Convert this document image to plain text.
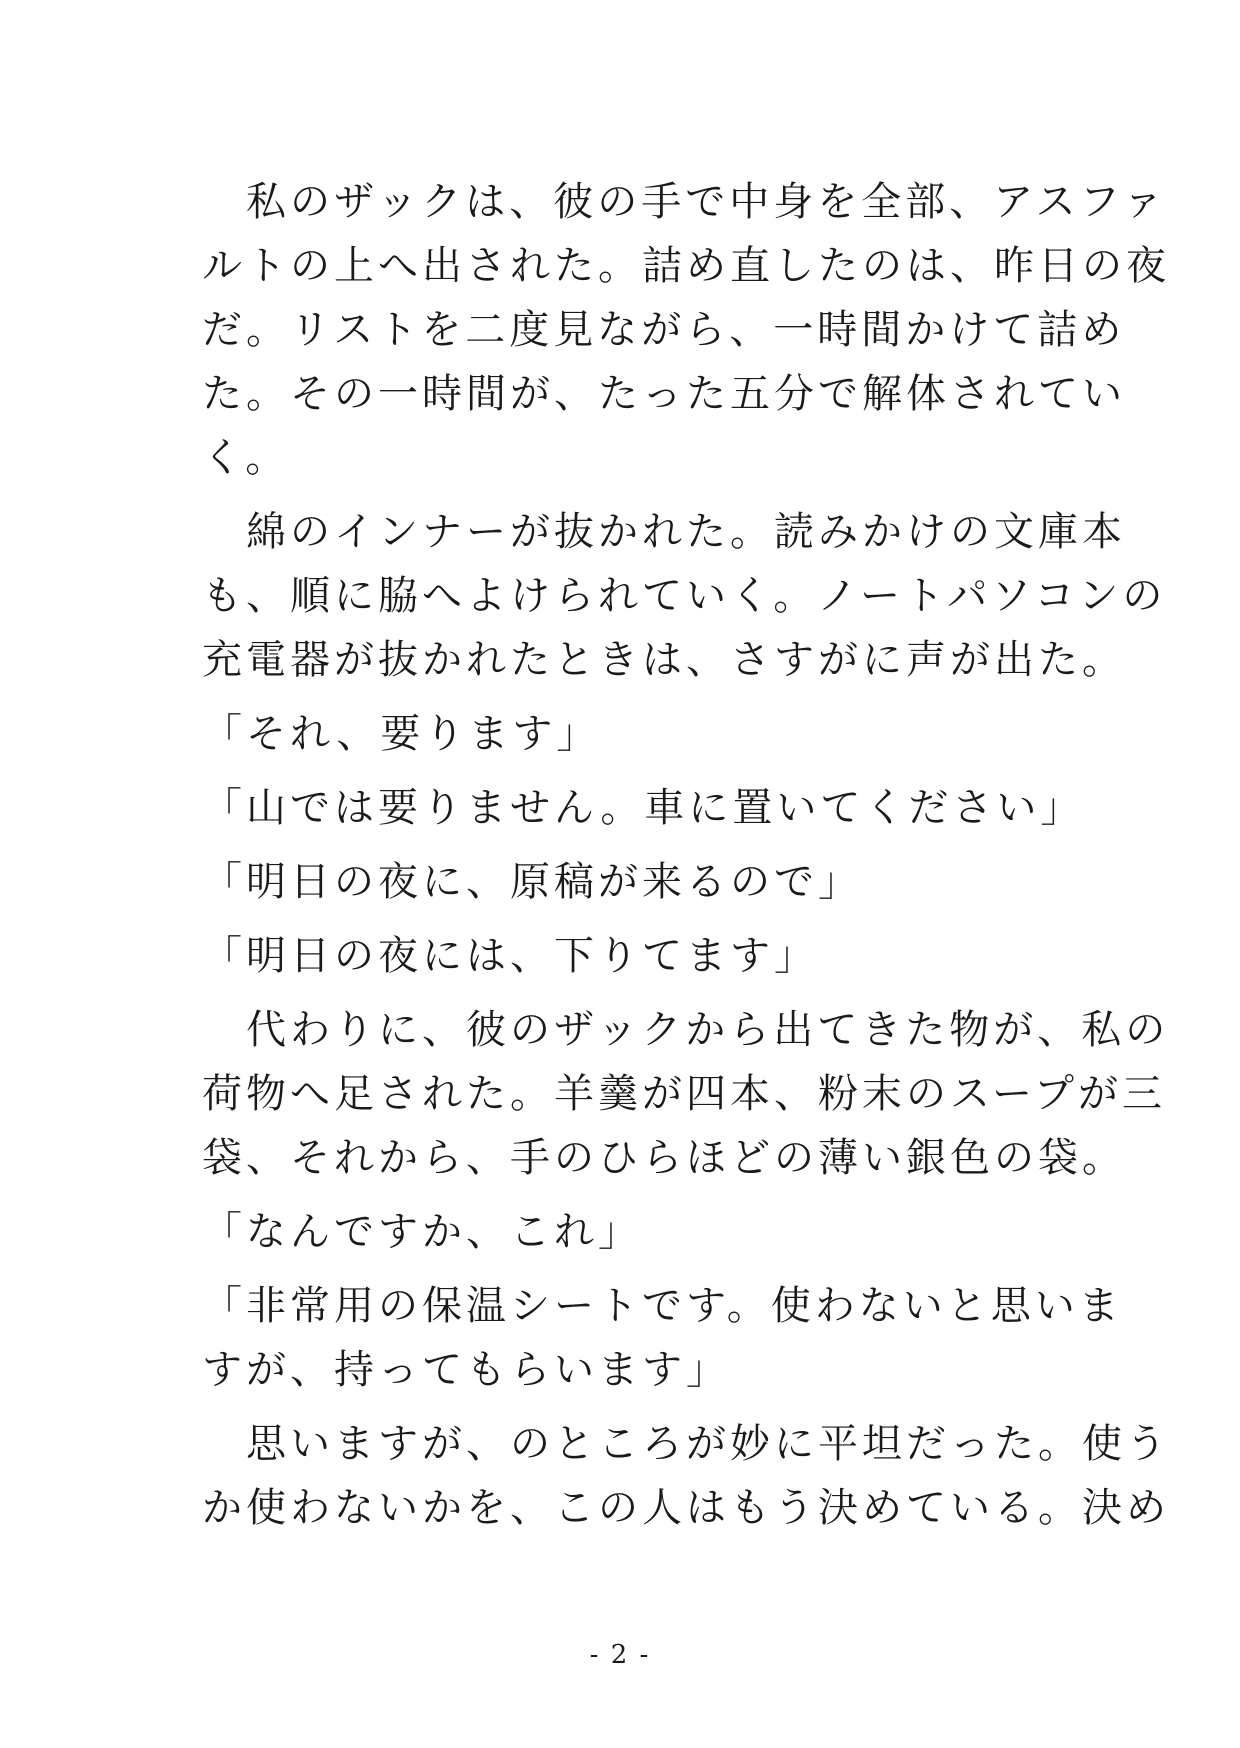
　私のザックは、彼の手で中身を全部、アスファ
ルトの上へ出された。詰め直したのは、昨日の夜
だ。リストを二度見ながら、一時間かけて詰め
た。その一時間が、たった五分で解体されてい
く。

　綿のインナーが抜かれた。読みかけの文庫本
も、順に脇へよけられていく。ノートパソコンの
充電器が抜かれたときは、さすがに声が出た。

「それ、要ります」

「山では要りません。車に置いてください」

「明日の夜に、原稿が来るので」

「明日の夜には、下りてます」

　代わりに、彼のザックから出てきた物が、私の
荷物へ足された。羊羹が四本、粉末のスープが三
袋、それから、手のひらほどの薄い銀色の袋。

「なんですか、これ」

「非常用の保温シートです。使わないと思いま
すが、持ってもらいます」

　思いますが、のところが妙に平坦だった。使う
か使わないかを、この人はもう決めている。決め

- 2 -
